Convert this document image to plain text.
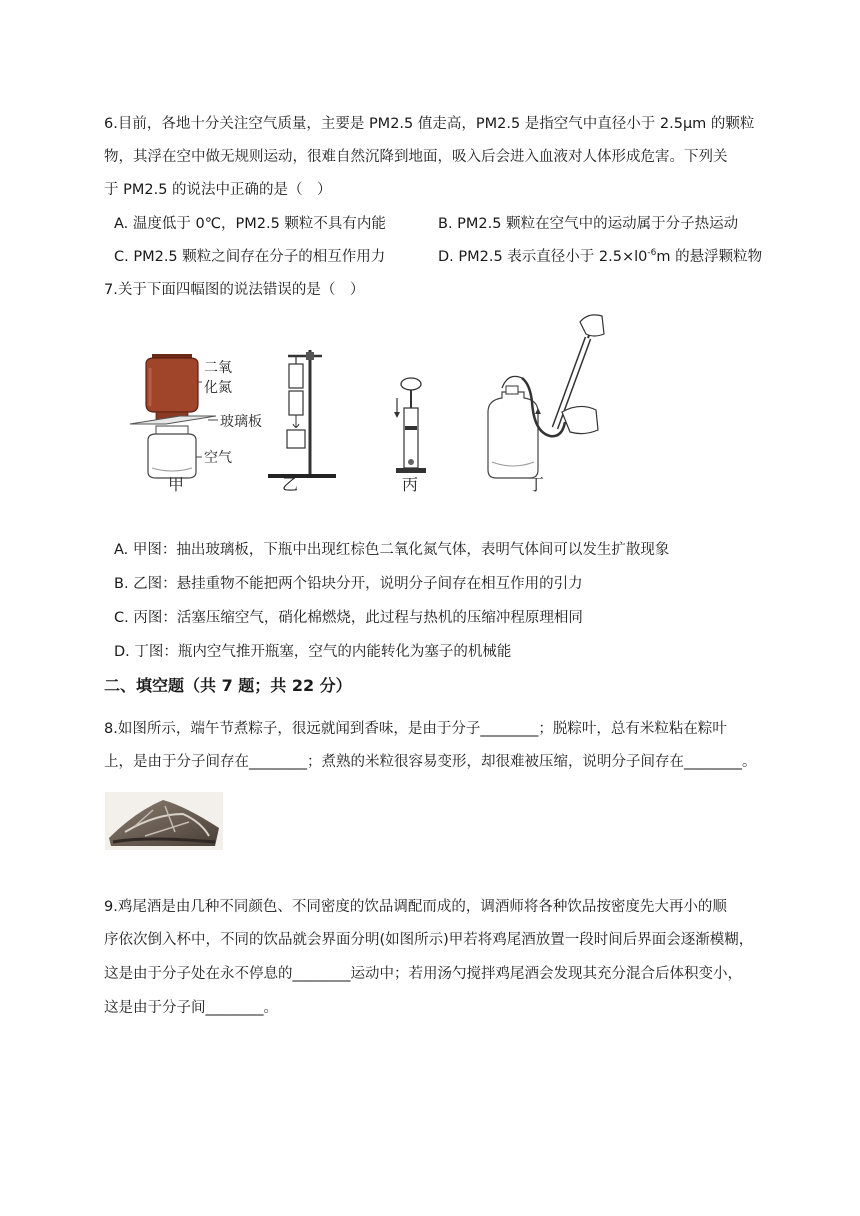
6.目前，各地十分关注空气质量，主要是 PM2.5 值走高，PM2.5 是指空气中直径小于 2.5μm 的颗粒
物，其浮在空中做无规则运动，很难自然沉降到地面，吸入后会进入血液对人体形成危害。下列关
于 PM2.5 的说法中正确的是（　）
A. 温度低于 0℃，PM2.5 颗粒不具有内能	B. PM2.5 颗粒在空气中的运动属于分子热运动
C. PM2.5 颗粒之间存在分子的相互作用力	D. PM2.5 表示直径小于 $2.5\times l0^{-6}m$ 的悬浮颗粒物
7.关于下面四幅图的说法错误的是（　）
二氧
化氮
玻璃板
空气
甲	乙	丙	丁
A. 甲图：抽出玻璃板，下瓶中出现红棕色二氧化氮气体，表明气体间可以发生扩散现象
B. 乙图：悬挂重物不能把两个铅块分开，说明分子间存在相互作用的引力
C. 丙图：活塞压缩空气，硝化棉燃烧，此过程与热机的压缩冲程原理相同
D. 丁图：瓶内空气推开瓶塞，空气的内能转化为塞子的机械能
二、填空题（共 7 题；共 22 分）
8.如图所示，端午节煮粽子，很远就闻到香味，是由于分子________；脱粽叶，总有米粒粘在粽叶
上，是由于分子间存在________；煮熟的米粒很容易变形，却很难被压缩，说明分子间存在________。
9.鸡尾酒是由几种不同颜色、不同密度的饮品调配而成的，调酒师将各种饮品按密度先大再小的顺
序依次倒入杯中，不同的饮品就会界面分明(如图所示)甲若将鸡尾酒放置一段时间后界面会逐渐模糊，
这是由于分子处在永不停息的________运动中；若用汤勺搅拌鸡尾酒会发现其充分混合后体积变小，
这是由于分子间________。
